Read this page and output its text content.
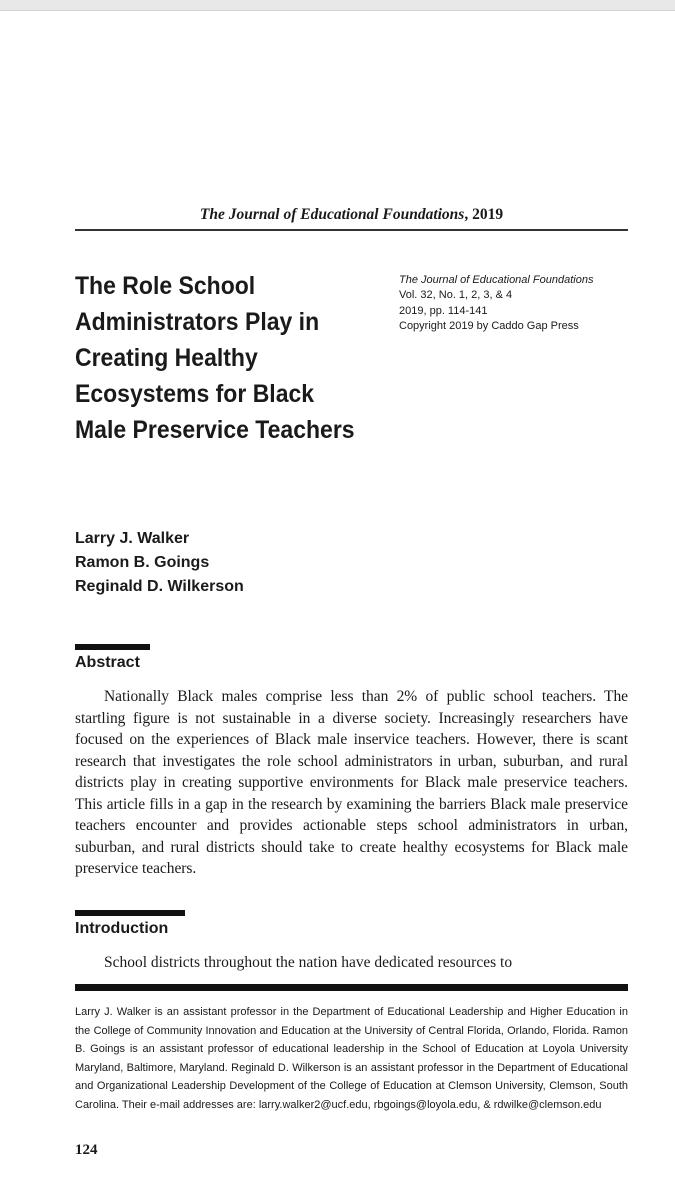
The Journal of Educational Foundations, 2019
The Role School Administrators Play in Creating Healthy Ecosystems for Black Male Preservice Teachers
The Journal of Educational Foundations
Vol. 32, No. 1, 2, 3, & 4
2019, pp. 114-141
Copyright 2019 by Caddo Gap Press
Larry J. Walker
Ramon B. Goings
Reginald D. Wilkerson
Abstract

Nationally Black males comprise less than 2% of public school teachers. The startling figure is not sustainable in a diverse society. Increasingly researchers have focused on the experiences of Black male inservice teachers. However, there is scant research that investigates the role school administrators in urban, suburban, and rural districts play in creating supportive environments for Black male preservice teachers. This article fills in a gap in the research by examining the barriers Black male preservice teachers encounter and provides actionable steps school administrators in urban, suburban, and rural districts should take to create healthy ecosystems for Black male preservice teachers.

Introduction

School districts throughout the nation have dedicated resources to

Larry J. Walker is an assistant professor in the Department of Educational Leadership and Higher Education in the College of Community Innovation and Education at the University of Central Florida, Orlando, Florida. Ramon B. Goings is an assistant professor of educational leadership in the School of Education at Loyola University Maryland, Baltimore, Maryland. Reginald D. Wilkerson is an assistant professor in the Department of Educational and Organizational Leadership Development of the College of Education at Clemson University, Clemson, South Carolina. Their e-mail addresses are: larry.walker2@ucf.edu, rbgoings@loyola.edu, & rdwilke@clemson.edu

124
